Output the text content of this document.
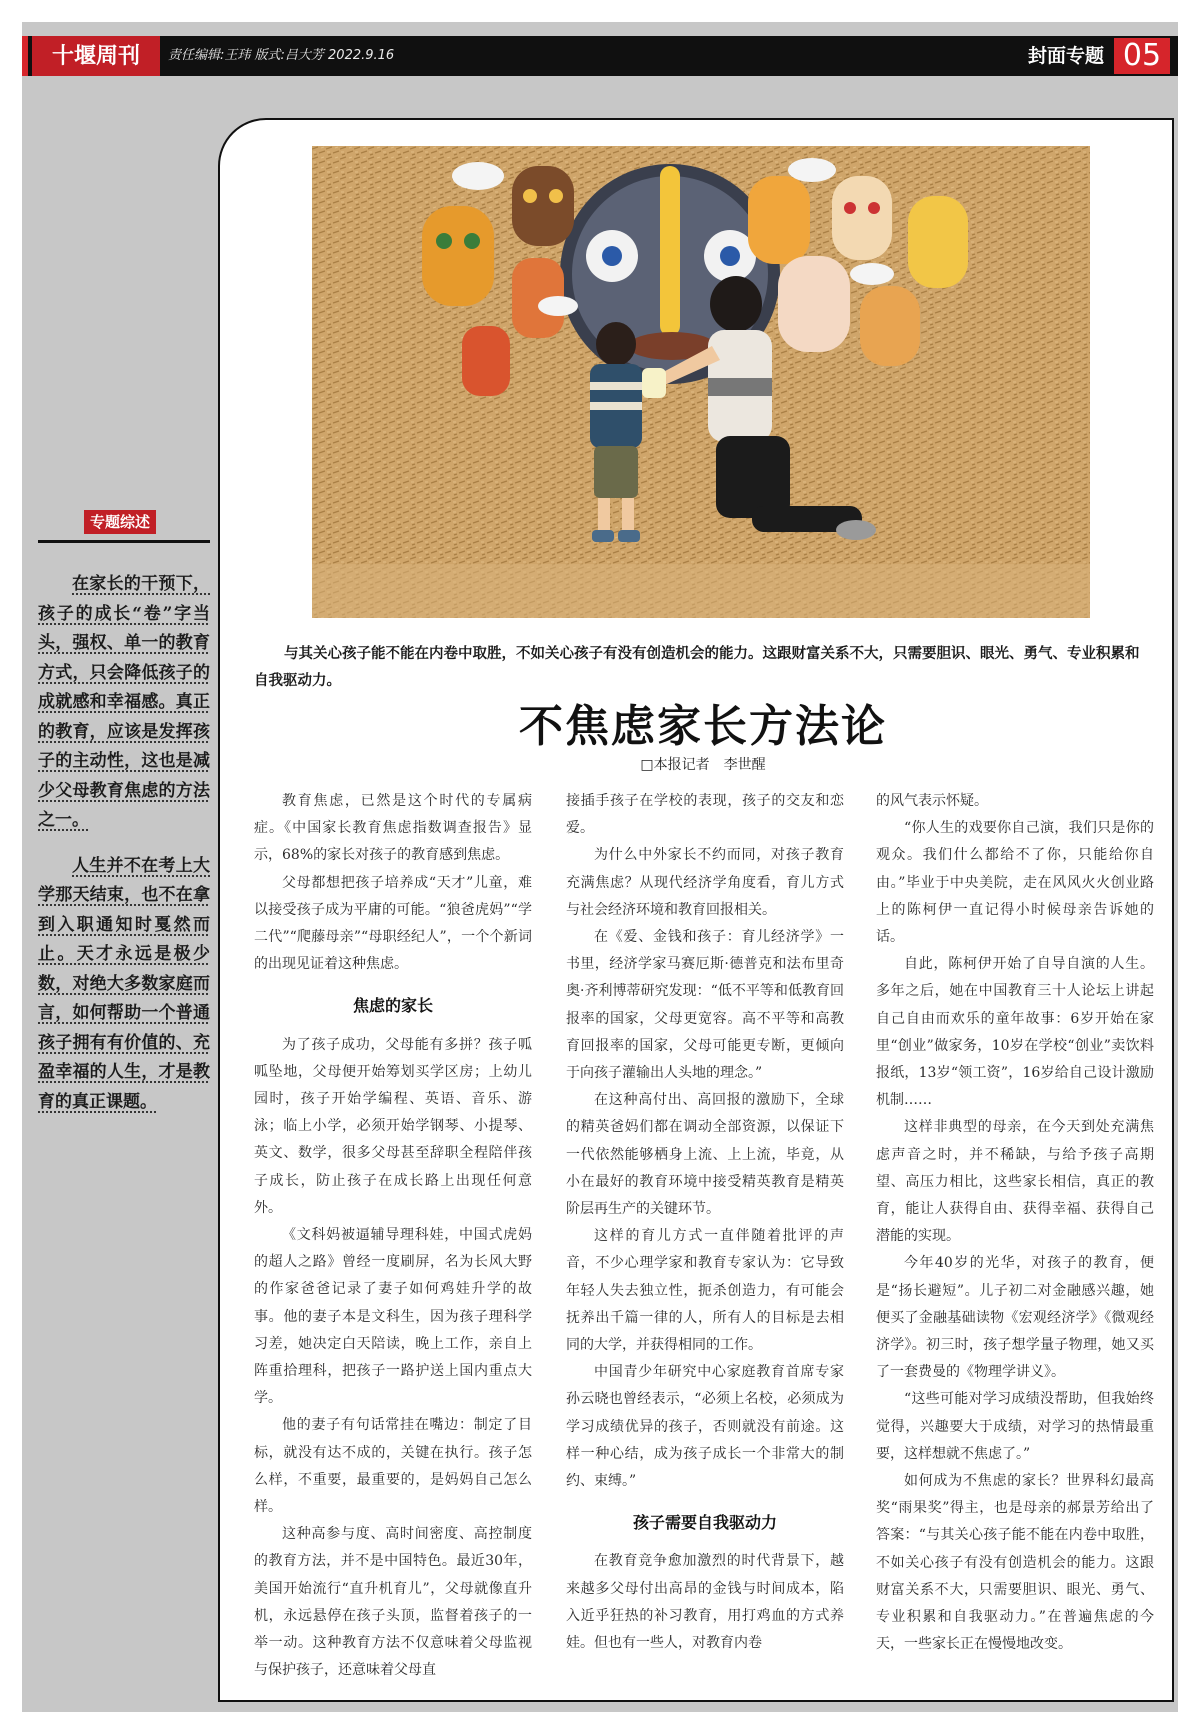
十堰周刊	责任编辑:王玮 版式:吕大芳 2022.9.16	封面专题 05
专题综述

在家长的干预下，孩子的成长“卷”字当头，强权、单一的教育方式，只会降低孩子的成就感和幸福感。真正的教育，应该是发挥孩子的主动性，这也是减少父母教育焦虑的方法之一。

人生并不在考上大学那天结束，也不在拿到入职通知时戛然而止。天才永远是极少数，对绝大多数家庭而言，如何帮助一个普通孩子拥有有价值的、充盈幸福的人生，才是教育的真正课题。

与其关心孩子能不能在内卷中取胜，不如关心孩子有没有创造机会的能力。这跟财富关系不大，只需要胆识、眼光、勇气、专业积累和自我驱动力。
不焦虑家长方法论
□本报记者　李世醒

教育焦虑，已然是这个时代的专属病症。《中国家长教育焦虑指数调查报告》显示，68%的家长对孩子的教育感到焦虑。

父母都想把孩子培养成“天才”儿童，难以接受孩子成为平庸的可能。“狼爸虎妈”“学二代”“爬藤母亲”“母职经纪人”，一个个新词的出现见证着这种焦虑。

焦虑的家长

为了孩子成功，父母能有多拼？孩子呱呱坠地，父母便开始筹划买学区房；上幼儿园时，孩子开始学编程、英语、音乐、游泳；临上小学，必须开始学钢琴、小提琴、英文、数学，很多父母甚至辞职全程陪伴孩子成长，防止孩子在成长路上出现任何意外。

《文科妈被逼辅导理科娃，中国式虎妈的超人之路》曾经一度刷屏，名为长风大野的作家爸爸记录了妻子如何鸡娃升学的故事。他的妻子本是文科生，因为孩子理科学习差，她决定白天陪读，晚上工作，亲自上阵重拾理科，把孩子一路护送上国内重点大学。

他的妻子有句话常挂在嘴边：制定了目标，就没有达不成的，关键在执行。孩子怎么样，不重要，最重要的，是妈妈自己怎么样。

这种高参与度、高时间密度、高控制度的教育方法，并不是中国特色。最近30年，美国开始流行“直升机育儿”，父母就像直升机，永远悬停在孩子头顶，监督着孩子的一举一动。这种教育方法不仅意味着父母监视与保护孩子，还意味着父母直

接插手孩子在学校的表现，孩子的交友和恋爱。

为什么中外家长不约而同，对孩子教育充满焦虑？从现代经济学角度看，育儿方式与社会经济环境和教育回报相关。

在《爱、金钱和孩子：育儿经济学》一书里，经济学家马赛厄斯·德普克和法布里奇奥·齐利博蒂研究发现：“低不平等和低教育回报率的国家，父母更宽容。高不平等和高教育回报率的国家，父母可能更专断，更倾向于向孩子灌输出人头地的理念。”

在这种高付出、高回报的激励下，全球的精英爸妈们都在调动全部资源，以保证下一代依然能够栖身上流、上上流，毕竟，从小在最好的教育环境中接受精英教育是精英阶层再生产的关键环节。

这样的育儿方式一直伴随着批评的声音，不少心理学家和教育专家认为：它导致年轻人失去独立性，扼杀创造力，有可能会抚养出千篇一律的人，所有人的目标是去相同的大学，并获得相同的工作。

中国青少年研究中心家庭教育首席专家孙云晓也曾经表示，“必须上名校，必须成为学习成绩优异的孩子，否则就没有前途。这样一种心结，成为孩子成长一个非常大的制约、束缚。”

孩子需要自我驱动力

在教育竞争愈加激烈的时代背景下，越来越多父母付出高昂的金钱与时间成本，陷入近乎狂热的补习教育，用打鸡血的方式养娃。但也有一些人，对教育内卷

的风气表示怀疑。

“你人生的戏要你自己演，我们只是你的观众。我们什么都给不了你，只能给你自由。”毕业于中央美院，走在风风火火创业路上的陈柯伊一直记得小时候母亲告诉她的话。

自此，陈柯伊开始了自导自演的人生。多年之后，她在中国教育三十人论坛上讲起自己自由而欢乐的童年故事：6岁开始在家里“创业”做家务，10岁在学校“创业”卖饮料报纸，13岁“领工资”，16岁给自己设计激励机制……

这样非典型的母亲，在今天到处充满焦虑声音之时，并不稀缺，与给予孩子高期望、高压力相比，这些家长相信，真正的教育，能让人获得自由、获得幸福、获得自己潜能的实现。

今年40岁的光华，对孩子的教育，便是“扬长避短”。儿子初二对金融感兴趣，她便买了金融基础读物《宏观经济学》《微观经济学》。初三时，孩子想学量子物理，她又买了一套费曼的《物理学讲义》。

“这些可能对学习成绩没帮助，但我始终觉得，兴趣要大于成绩，对学习的热情最重要，这样想就不焦虑了。”

如何成为不焦虑的家长？世界科幻最高奖“雨果奖”得主，也是母亲的郝景芳给出了答案：“与其关心孩子能不能在内卷中取胜，不如关心孩子有没有创造机会的能力。这跟财富关系不大，只需要胆识、眼光、勇气、专业积累和自我驱动力。”在普遍焦虑的今天，一些家长正在慢慢地改变。
